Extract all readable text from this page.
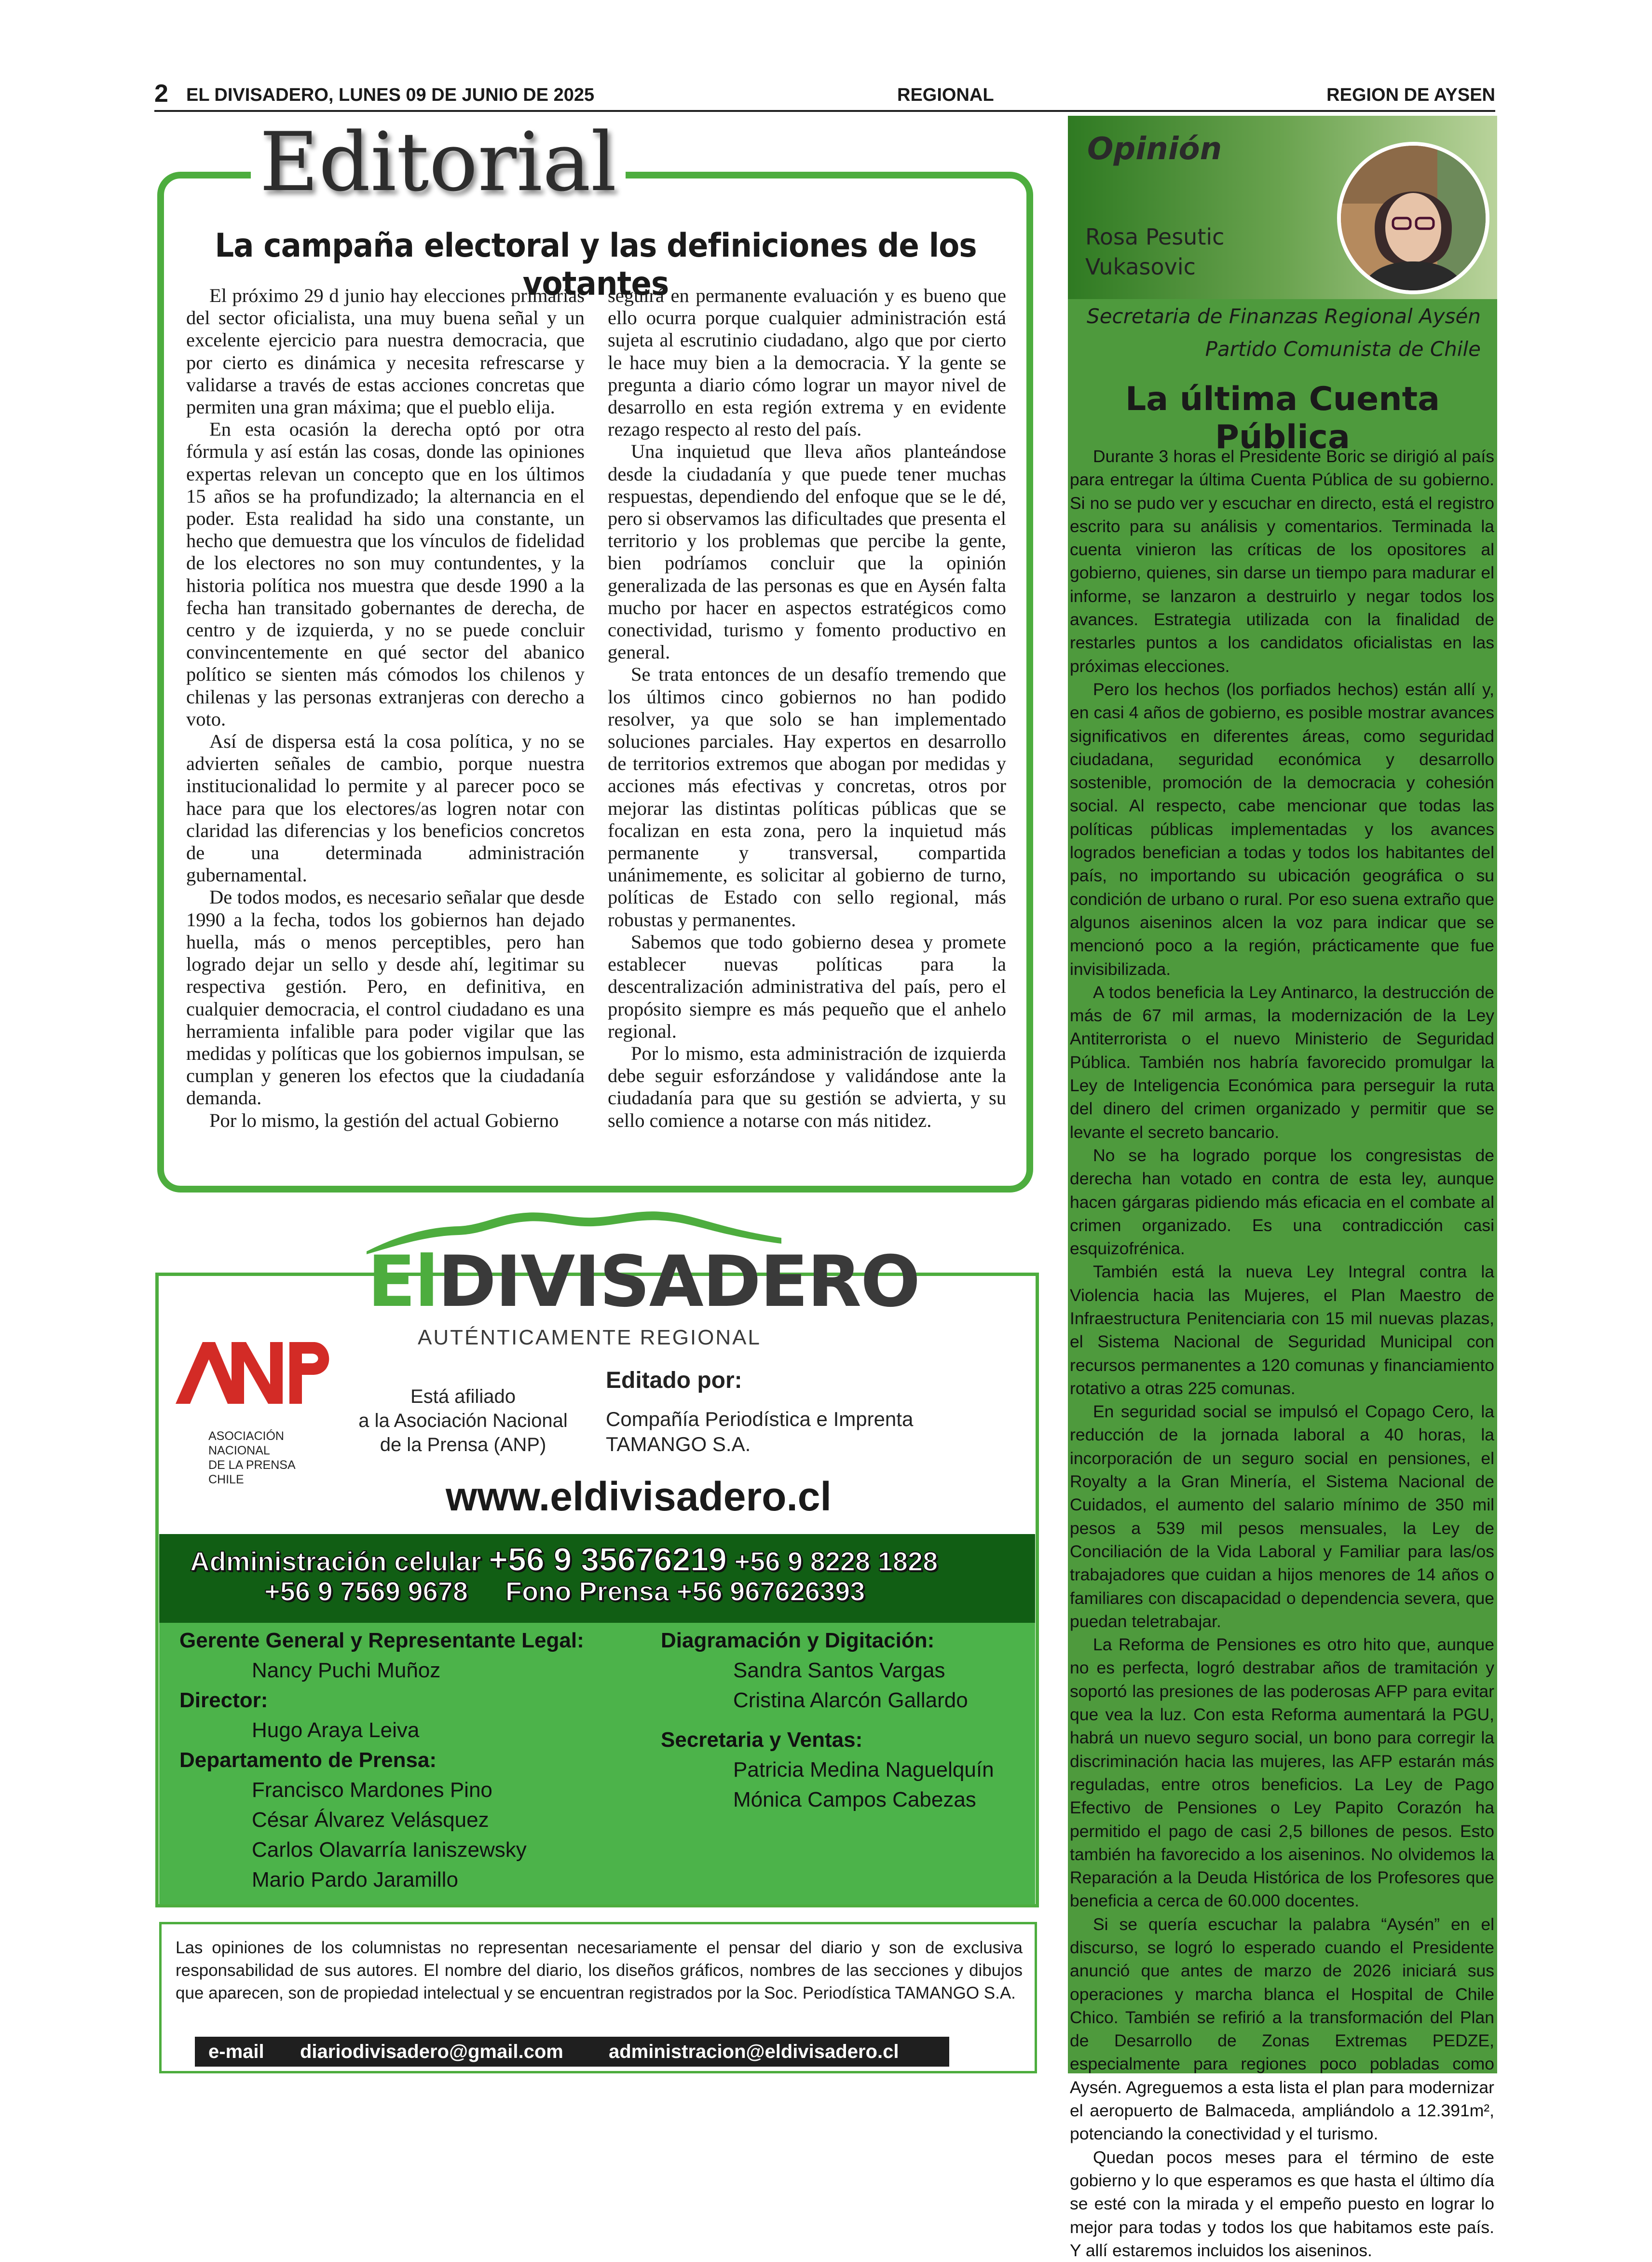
2 EL DIVISADERO, LUNES 09 DE JUNIO DE 2025	REGIONAL	REGION DE AYSEN
Editorial
La campaña electoral y las definiciones de los votantes

El próximo 29 d junio hay elecciones primarias del sector oficialista, una muy buena señal y un excelente ejercicio para nuestra democracia, que por cierto es dinámica y necesita refrescarse y validarse a través de estas acciones concretas que permiten una gran máxima; que el pueblo elija.

En esta ocasión la derecha optó por otra fórmula y así están las cosas, donde las opiniones expertas relevan un concepto que en los últimos 15 años se ha profundizado; la alternancia en el poder. Esta realidad ha sido una constante, un hecho que demuestra que los vínculos de fidelidad de los electores no son muy contundentes, y la historia política nos muestra que desde 1990 a la fecha han transitado gobernantes de derecha, de centro y de izquierda, y no se puede concluir convincentemente en qué sector del abanico político se sienten más cómodos los chilenos y chilenas y las personas extranjeras con derecho a voto.

Así de dispersa está la cosa política, y no se advierten señales de cambio, porque nuestra institucionalidad lo permite y al parecer poco se hace para que los electores/as logren notar con claridad las diferencias y los beneficios concretos de una determinada administración gubernamental.

De todos modos, es necesario señalar que desde 1990 a la fecha, todos los gobiernos han dejado huella, más o menos perceptibles, pero han logrado dejar un sello y desde ahí, legitimar su respectiva gestión. Pero, en definitiva, en cualquier democracia, el control ciudadano es una herramienta infalible para poder vigilar que las medidas y políticas que los gobiernos impulsan, se cumplan y generen los efectos que la ciudadanía demanda.

Por lo mismo, la gestión del actual Gobierno

seguirá en permanente evaluación y es bueno que ello ocurra porque cualquier administración está sujeta al escrutinio ciudadano, algo que por cierto le hace muy bien a la democracia. Y la gente se pregunta a diario cómo lograr un mayor nivel de desarrollo en esta región extrema y en evidente rezago respecto al resto del país.

Una inquietud que lleva años planteándose desde la ciudadanía y que puede tener muchas respuestas, dependiendo del enfoque que se le dé, pero si observamos las dificultades que presenta el territorio y los problemas que percibe la gente, bien podríamos concluir que la opinión generalizada de las personas es que en Aysén falta mucho por hacer en aspectos estratégicos como conectividad, turismo y fomento productivo en general.

Se trata entonces de un desafío tremendo que los últimos cinco gobiernos no han podido resolver, ya que solo se han implementado soluciones parciales. Hay expertos en desarrollo de territorios extremos que abogan por medidas y acciones más efectivas y concretas, otros por mejorar las distintas políticas públicas que se focalizan en esta zona, pero la inquietud más permanente y transversal, compartida unánimemente, es solicitar al gobierno de turno, políticas de Estado con sello regional, más robustas y permanentes.

Sabemos que todo gobierno desea y promete establecer nuevas políticas para la descentralización administrativa del país, pero el propósito siempre es más pequeño que el anhelo regional.

Por lo mismo, esta administración de izquierda debe seguir esforzándose y validándose ante la ciudadanía para que su gestión se advierta, y su sello comience a notarse con más nitidez.

ElDIVISADERO
AUTÉNTICAMENTE REGIONAL
ASOCIACIÓN
NACIONAL
DE LA PRENSA
CHILE
Está afiliado
a la Asociación Nacional
de la Prensa (ANP)
Editado por:
Compañía Periodística e Imprenta
TAMANGO S.A.
www.eldivisadero.cl
Administración celular +56 9 35676219 +56 9 8228 1828
+56 9 7569 9678 Fono Prensa +56 967626393
Gerente General y Representante Legal:
Nancy Puchi Muñoz
Director:
Hugo Araya Leiva
Departamento de Prensa:
Francisco Mardones Pino
César Álvarez Velásquez
Carlos Olavarría Ianiszewsky
Mario Pardo Jaramillo
Diagramación y Digitación:
Sandra Santos Vargas
Cristina Alarcón Gallardo
Secretaria y Ventas:
Patricia Medina Naguelquín
Mónica Campos Cabezas
Las opiniones de los columnistas no representan necesariamente el pensar del diario y son de exclusiva responsabilidad de sus autores. El nombre del diario, los diseños gráficos, nombres de las secciones y dibujos que aparecen, son de propiedad intelectual y se encuentran registrados por la Soc. Periodística TAMANGO S.A.
e-mail diariodivisadero@gmail.com administracion@eldivisadero.cl
Opinión
Rosa Pesutic
Vukasovic
Secretaria de Finanzas Regional Aysén
Partido Comunista de Chile
La última Cuenta Pública

Durante 3 horas el Presidente Boric se dirigió al país para entregar la última Cuenta Pública de su gobierno. Si no se pudo ver y escuchar en directo, está el registro escrito para su análisis y comentarios. Terminada la cuenta vinieron las críticas de los opositores al gobierno, quienes, sin darse un tiempo para madurar el informe, se lanzaron a destruirlo y negar todos los avances. Estrategia utilizada con la finalidad de restarles puntos a los candidatos oficialistas en las próximas elecciones.

Pero los hechos (los porfiados hechos) están allí y, en casi 4 años de gobierno, es posible mostrar avances significativos en diferentes áreas, como seguridad ciudadana, seguridad económica y desarrollo sostenible, promoción de la democracia y cohesión social. Al respecto, cabe mencionar que todas las políticas públicas implementadas y los avances logrados benefician a todas y todos los habitantes del país, no importando su ubicación geográfica o su condición de urbano o rural. Por eso suena extraño que algunos aiseninos alcen la voz para indicar que se mencionó poco a la región, prácticamente que fue invisibilizada.

A todos beneficia la Ley Antinarco, la destrucción de más de 67 mil armas, la modernización de la Ley Antiterrorista o el nuevo Ministerio de Seguridad Pública. También nos habría favorecido promulgar la Ley de Inteligencia Económica para perseguir la ruta del dinero del crimen organizado y permitir que se levante el secreto bancario.

No se ha logrado porque los congresistas de derecha han votado en contra de esta ley, aunque hacen gárgaras pidiendo más eficacia en el combate al crimen organizado. Es una contradicción casi esquizofrénica.

También está la nueva Ley Integral contra la Violencia hacia las Mujeres, el Plan Maestro de Infraestructura Penitenciaria con 15 mil nuevas plazas, el Sistema Nacional de Seguridad Municipal con recursos permanentes a 120 comunas y financiamiento rotativo a otras 225 comunas.

En seguridad social se impulsó el Copago Cero, la reducción de la jornada laboral a 40 horas, la incorporación de un seguro social en pensiones, el Royalty a la Gran Minería, el Sistema Nacional de Cuidados, el aumento del salario mínimo de 350 mil pesos a 539 mil pesos mensuales, la Ley de Conciliación de la Vida Laboral y Familiar para las/os trabajadores que cuidan a hijos menores de 14 años o familiares con discapacidad o dependencia severa, que puedan teletrabajar.

La Reforma de Pensiones es otro hito que, aunque no es perfecta, logró destrabar años de tramitación y soportó las presiones de las poderosas AFP para evitar que vea la luz. Con esta Reforma aumentará la PGU, habrá un nuevo seguro social, un bono para corregir la discriminación hacia las mujeres, las AFP estarán más reguladas, entre otros beneficios. La Ley de Pago Efectivo de Pensiones o Ley Papito Corazón ha permitido el pago de casi 2,5 billones de pesos. Esto también ha favorecido a los aiseninos. No olvidemos la Reparación a la Deuda Histórica de los Profesores que beneficia a cerca de 60.000 docentes.

Si se quería escuchar la palabra “Aysén” en el discurso, se logró lo esperado cuando el Presidente anunció que antes de marzo de 2026 iniciará sus operaciones y marcha blanca el Hospital de Chile Chico. También se refirió a la transformación del Plan de Desarrollo de Zonas Extremas PEDZE, especialmente para regiones poco pobladas como Aysén. Agreguemos a esta lista el plan para modernizar el aeropuerto de Balmaceda, ampliándolo a 12.391m², potenciando la conectividad y el turismo.

Quedan pocos meses para el término de este gobierno y lo que esperamos es que hasta el último día se esté con la mirada y el empeño puesto en lograr lo mejor para todas y todos los que habitamos este país. Y allí estaremos incluidos los aiseninos.
